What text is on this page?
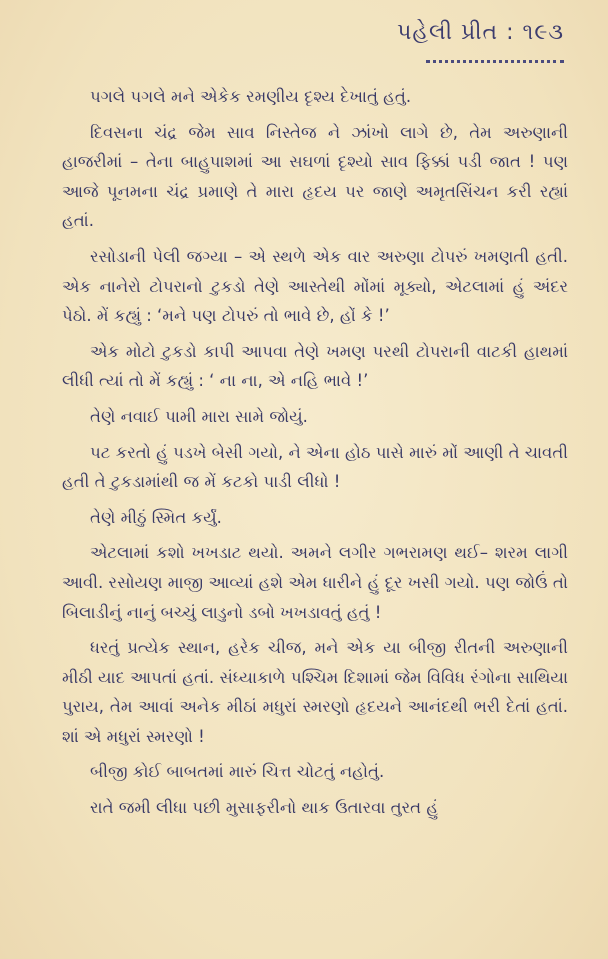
પહેલી પ્રીત : ૧૯૩

પગલે પગલે મને એકેક રમણીય દૃશ્ય દેખાતું હતું.

દિવસના ચંદ્ર જેમ સાવ નિસ્તેજ ને ઝાંખો લાગે છે, તેમ અરુણાની હાજરીમાં – તેના બાહુપાશમાં આ સઘળાં દૃશ્યો સાવ ફિક્કાં પડી જાત ! પણ આજે પૂનમના ચંદ્ર પ્રમાણે તે મારા હૃદય પર જાણે અમૃતસિંચન કરી રહ્યાં હતાં.

રસોડાની પેલી જગ્યા – એ સ્થળે એક વાર અરુણા ટોપરું ખમણતી હતી. એક નાનેરો ટોપરાનો ટુકડો તેણે આસ્તેથી મોંમાં મૂક્યો, એટલામાં હું અંદર પેઠો. મેં કહ્યું : ‘મને પણ ટોપરું તો ભાવે છે, હોં કે !’

એક મોટો ટુકડો કાપી આપવા તેણે ખમણ પરથી ટોપરાની વાટકી હાથમાં લીધી ત્યાં તો મેં કહ્યું : ‘ ના ના, એ નહિ ભાવે !’

તેણે નવાઈ પામી મારા સામે જોયું.

પટ કરતો હું પડખે બેસી ગયો, ને એના હોઠ પાસે મારું મોં આણી તે ચાવતી હતી તે ટુકડામાંથી જ મેં કટકો પાડી લીધો !

તેણે મીઠું સ્મિત કર્યું.

એટલામાં કશો ખખડાટ થયો. અમને લગીર ગભરામણ થઈ– શરમ લાગી આવી. રસોયણ માજી આવ્યાં હશે એમ ધારીને હું દૂર ખસી ગયો. પણ જોઉં તો બિલાડીનું નાનું બચ્ચું લાડુનો ડબો ખખડાવતું હતું !

ધરતું પ્રત્યેક સ્થાન, હરેક ચીજ, મને એક યા બીજી રીતની અરુણાની મીઠી યાદ આપતાં હતાં. સંધ્યાકાળે પશ્ચિમ દિશામાં જેમ વિવિધ રંગોના સાથિયા પુરાય, તેમ આવાં અનેક મીઠાં મધુરાં સ્મરણો હૃદયને આનંદથી ભરી દેતાં હતાં. શાં એ મધુરાં સ્મરણો !

બીજી કોઈ બાબતમાં મારું ચિત્ત ચોટતું નહોતું.

રાતે જમી લીધા પછી મુસાફરીનો થાક ઉતારવા તુરત હું
